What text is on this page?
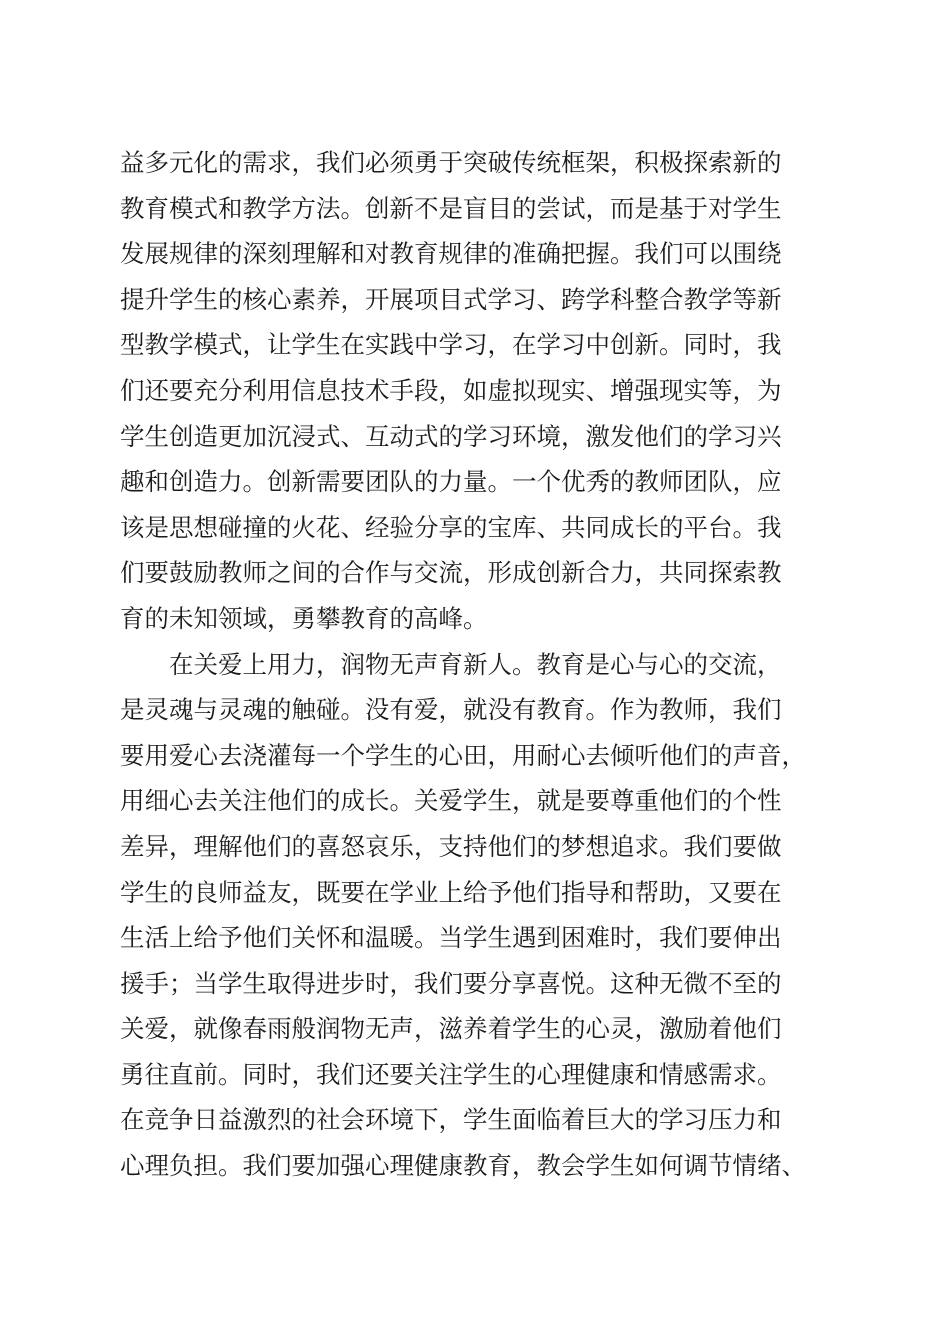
益多元化的需求，我们必须勇于突破传统框架，积极探索新的
教育模式和教学方法。创新不是盲目的尝试，而是基于对学生
发展规律的深刻理解和对教育规律的准确把握。我们可以围绕
提升学生的核心素养，开展项目式学习、跨学科整合教学等新
型教学模式，让学生在实践中学习，在学习中创新。同时，我
们还要充分利用信息技术手段，如虚拟现实、增强现实等，为
学生创造更加沉浸式、互动式的学习环境，激发他们的学习兴
趣和创造力。创新需要团队的力量。一个优秀的教师团队，应
该是思想碰撞的火花、经验分享的宝库、共同成长的平台。我
们要鼓励教师之间的合作与交流，形成创新合力，共同探索教
育的未知领域，勇攀教育的高峰。
在关爱上用力，润物无声育新人。教育是心与心的交流，
是灵魂与灵魂的触碰。没有爱，就没有教育。作为教师，我们
要用爱心去浇灌每一个学生的心田，用耐心去倾听他们的声音，
用细心去关注他们的成长。关爱学生，就是要尊重他们的个性
差异，理解他们的喜怒哀乐，支持他们的梦想追求。我们要做
学生的良师益友，既要在学业上给予他们指导和帮助，又要在
生活上给予他们关怀和温暖。当学生遇到困难时，我们要伸出
援手；当学生取得进步时，我们要分享喜悦。这种无微不至的
关爱，就像春雨般润物无声，滋养着学生的心灵，激励着他们
勇往直前。同时，我们还要关注学生的心理健康和情感需求。
在竞争日益激烈的社会环境下，学生面临着巨大的学习压力和
心理负担。我们要加强心理健康教育，教会学生如何调节情绪、
